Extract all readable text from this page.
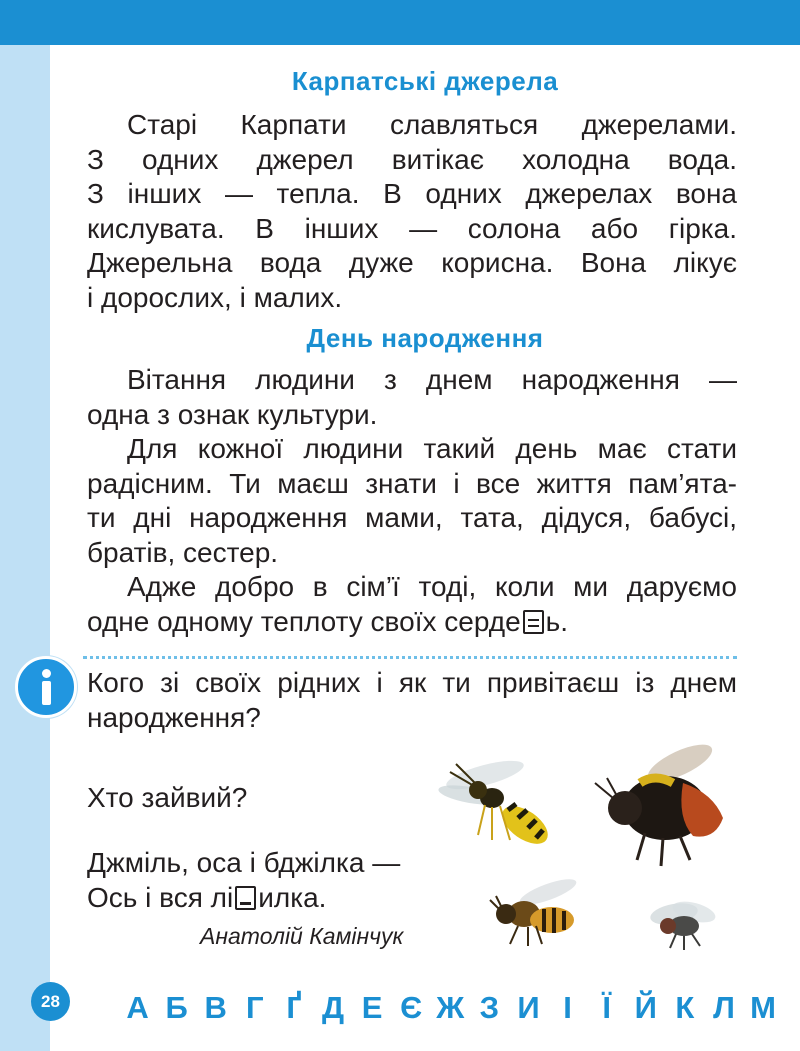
Карпатські джерела
Старі Карпати славляться джерелами.
З одних джерел витікає холодна вода.
З інших — тепла. В одних джерелах вона
кислувата. В інших — солона або гірка.
Джерельна вода дуже корисна. Вона лікує
і дорослих, і малих.
День народження
Вітання людини з днем народження —
одна з ознак культури.
Для кожної людини такий день має стати
радісним. Ти маєш знати і все життя пам’ята-
ти дні народження мами, тата, дідуся, бабусі,
братів, сестер.
Адже добро в сім’ї тоді, коли ми даруємо
одне одному теплоту своїх серде ь.
Кого зі своїх рідних і як ти привітаєш із днем
народження?
Хто зайвий?
Джміль, оса і бджілка —
Ось і вся лі илка.
Анатолій Камінчук
28	А Б В Г Ґ Д Е Є Ж З И І Ї Й К Л М
